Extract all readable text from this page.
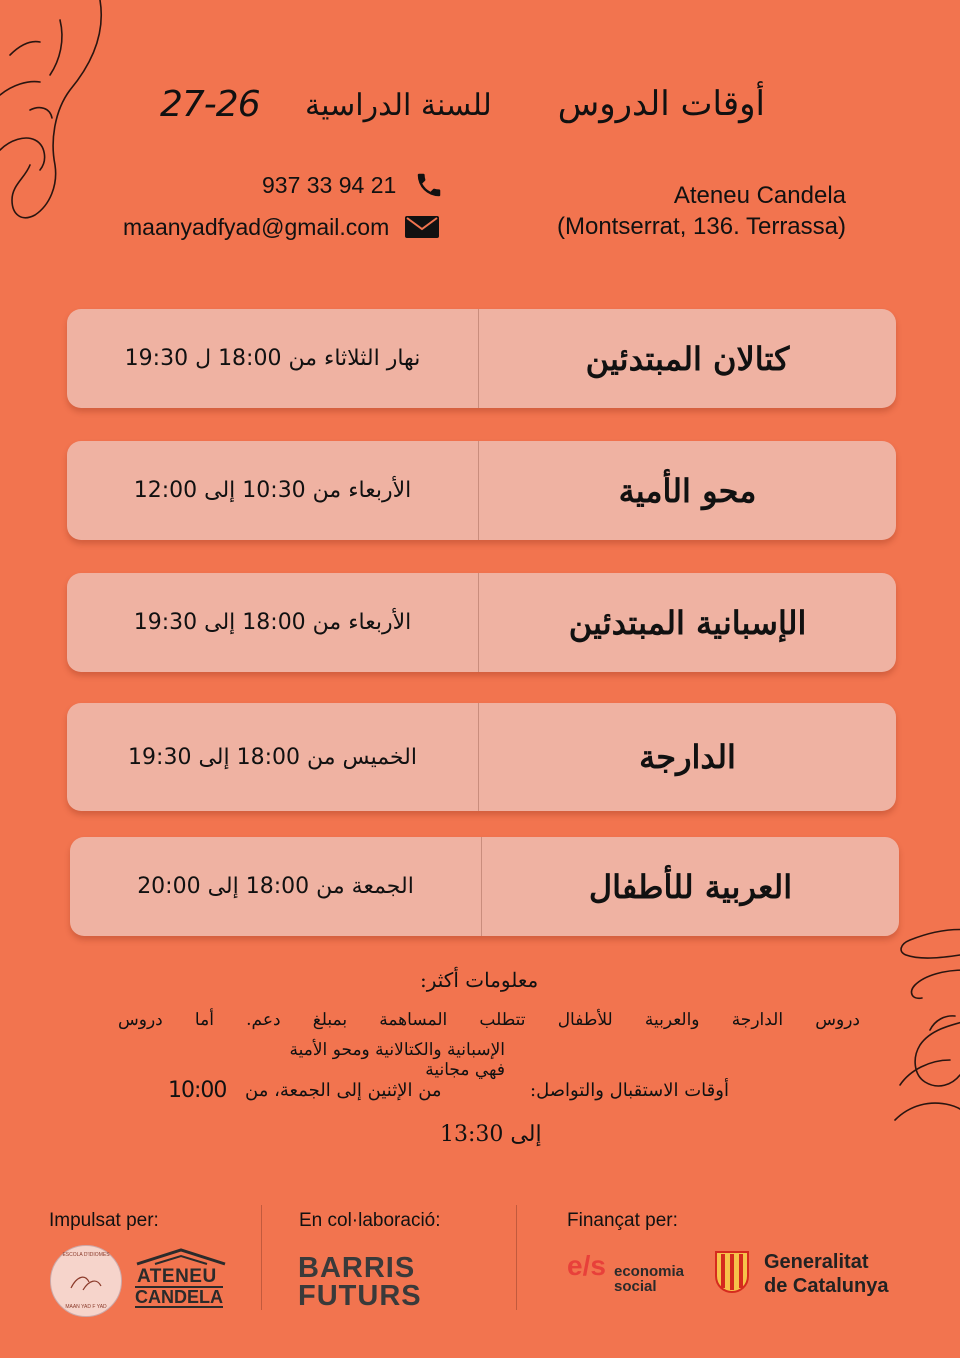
أوقات الدروس
للسنة الدراسية
27-26
937 33 94 21
maanyadfyad@gmail.com
Ateneu Candela
(Montserrat, 136. Terrassa)
نهار الثلاثاء من 18:00 ل 19:30	كتالان المبتدئين
الأربعاء من 10:30 إلى 12:00	محو الأمية
الأربعاء من 18:00 إلى 19:30	الإسبانية المبتدئين
الخميس من 18:00 إلى 19:30	الدارجة
الجمعة من 18:00 إلى 20:00	العربية للأطفال
معلومات أكثر:
دروس الدارجة والعربية للأطفال تتطلب المساهمة بمبلغ دعم. أما دروس
الإسبانية والكتالانية ومحو الأمية فهي مجانية
أوقات الاستقبال والتواصل:
من الإثنين إلى الجمعة، من
10:00
إلى 13:30
Impulsat per:	En col·laboració:	Finançat per:
ESCOLA D'IDIOMES
MAAN YAD F YAD
ATENEU
CANDELA
BARRIS
FUTURS
e/s economia
social
Generalitat
de Catalunya
